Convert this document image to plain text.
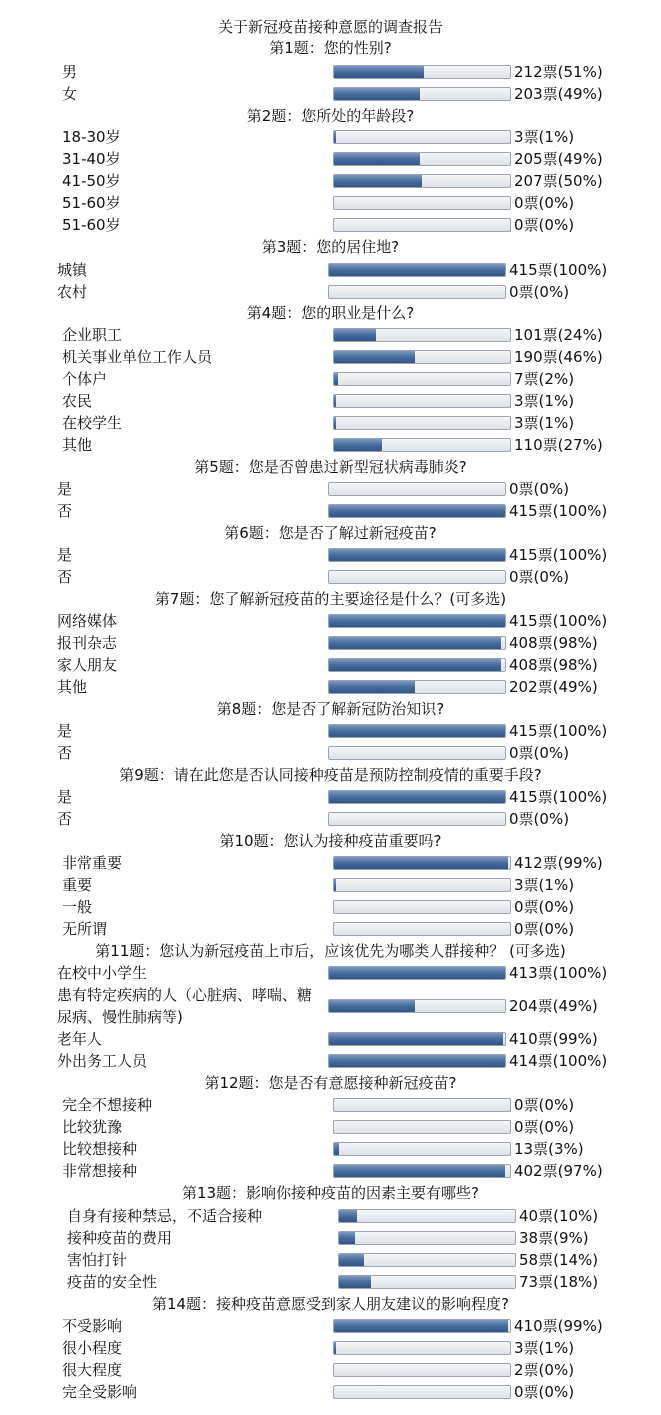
关于新冠疫苗接种意愿的调查报告
第1题：您的性别?
男	212票(51%)
女	203票(49%)
第2题：您所处的年龄段?
18-30岁	3票(1%)
31-40岁	205票(49%)
41-50岁	207票(50%)
51-60岁	0票(0%)
51-60岁	0票(0%)
第3题：您的居住地?
城镇	415票(100%)
农村	0票(0%)
第4题：您的职业是什么?
企业职工	101票(24%)
机关事业单位工作人员	190票(46%)
个体户	7票(2%)
农民	3票(1%)
在校学生	3票(1%)
其他	110票(27%)
第5题：您是否曾患过新型冠状病毒肺炎?
是	0票(0%)
否	415票(100%)
第6题：您是否了解过新冠疫苗?
是	415票(100%)
否	0票(0%)
第7题：您了解新冠疫苗的主要途径是什么？(可多选)
网络媒体	415票(100%)
报刊杂志	408票(98%)
家人朋友	408票(98%)
其他	202票(49%)
第8题：您是否了解新冠防治知识?
是	415票(100%)
否	0票(0%)
第9题：请在此您是否认同接种疫苗是预防控制疫情的重要手段?
是	415票(100%)
否	0票(0%)
第10题：您认为接种疫苗重要吗?
非常重要	412票(99%)
重要	3票(1%)
一般	0票(0%)
无所谓	0票(0%)
第11题：您认为新冠疫苗上市后，应该优先为哪类人群接种？ (可多选)
在校中小学生	413票(100%)
患有特定疾病的人（心脏病、哮喘、糖尿病、慢性肺病等)
204票(49%)
老年人	410票(99%)
外出务工人员	414票(100%)
第12题：您是否有意愿接种新冠疫苗?
完全不想接种	0票(0%)
比较犹豫	0票(0%)
比较想接种	13票(3%)
非常想接种	402票(97%)
第13题：影响你接种疫苗的因素主要有哪些?
自身有接种禁忌，不适合接种	40票(10%)
接种疫苗的费用	38票(9%)
害怕打针	58票(14%)
疫苗的安全性	73票(18%)
第14题：接种疫苗意愿受到家人朋友建议的影响程度?
不受影响	410票(99%)
很小程度	3票(1%)
很大程度	2票(0%)
完全受影响	0票(0%)
